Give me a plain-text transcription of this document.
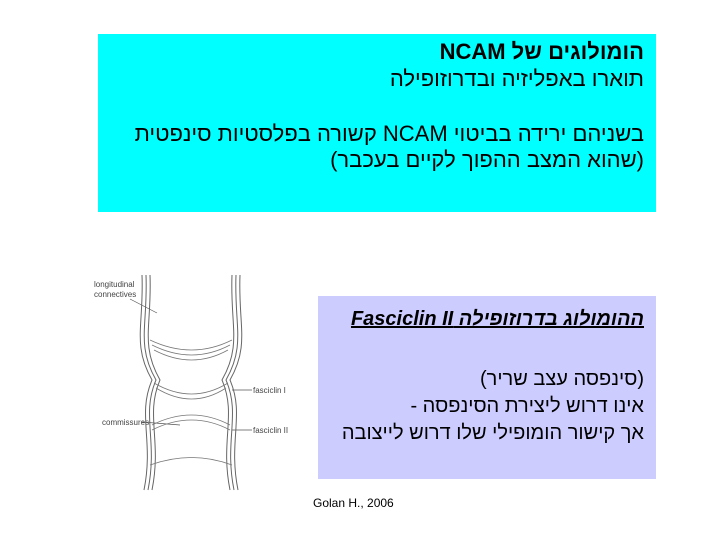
הומולוגים של NCAM
תוארו באפליזיה ובדרוזופילה
בשניהם ירידה בביטוי NCAM קשורה בפלסטיות סינפטית
(שהוא המצב ההפוך לקיים בעכבר)
longitudinal
connectives
fasciclin I
commissures
fasciclin II
ההומולוג בדרוזופילה Fasciclin II
(סינפסה עצב שריר)
אינו דרוש ליצירת הסינפסה -
אך קישור הומופילי שלו דרוש לייצובה
Golan H., 2006
